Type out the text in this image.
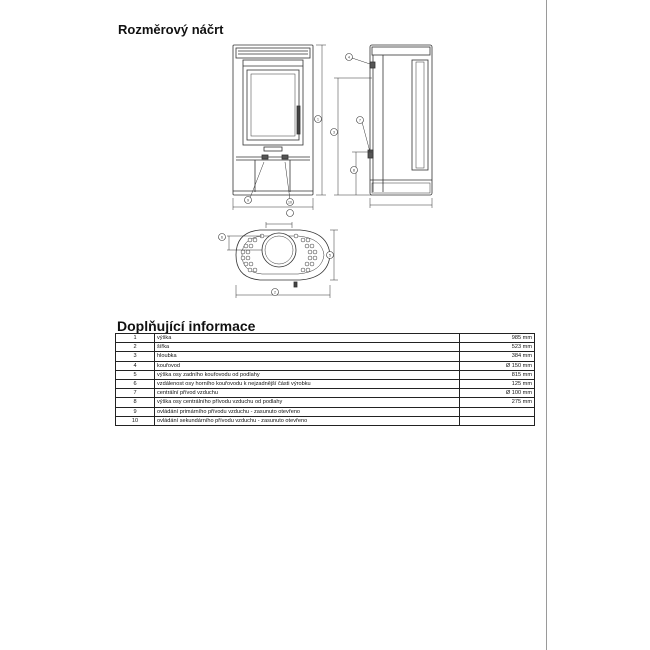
Rozměrový náčrt
1
2
3
4
5
6
7
8
9	10
Doplňující informace
1	výška	985 mm
2	šířka	523 mm
3	hloubka	384 mm
4	kouřovod	Ø 150 mm
5	výška osy zadního kouřovodu od podlahy	815 mm
6	vzdálenost osy horního kouřovodu k nejzadnější části výrobku	125 mm
7	centrální přívod vzduchu	Ø 100 mm
8	výška osy centrálního přívodu vzduchu od podlahy	275 mm
9	ovládání primárního přívodu vzduchu - zasunuto otevřeno	
10	ovládání sekundárního přívodu vzduchu - zasunuto otevřeno	
